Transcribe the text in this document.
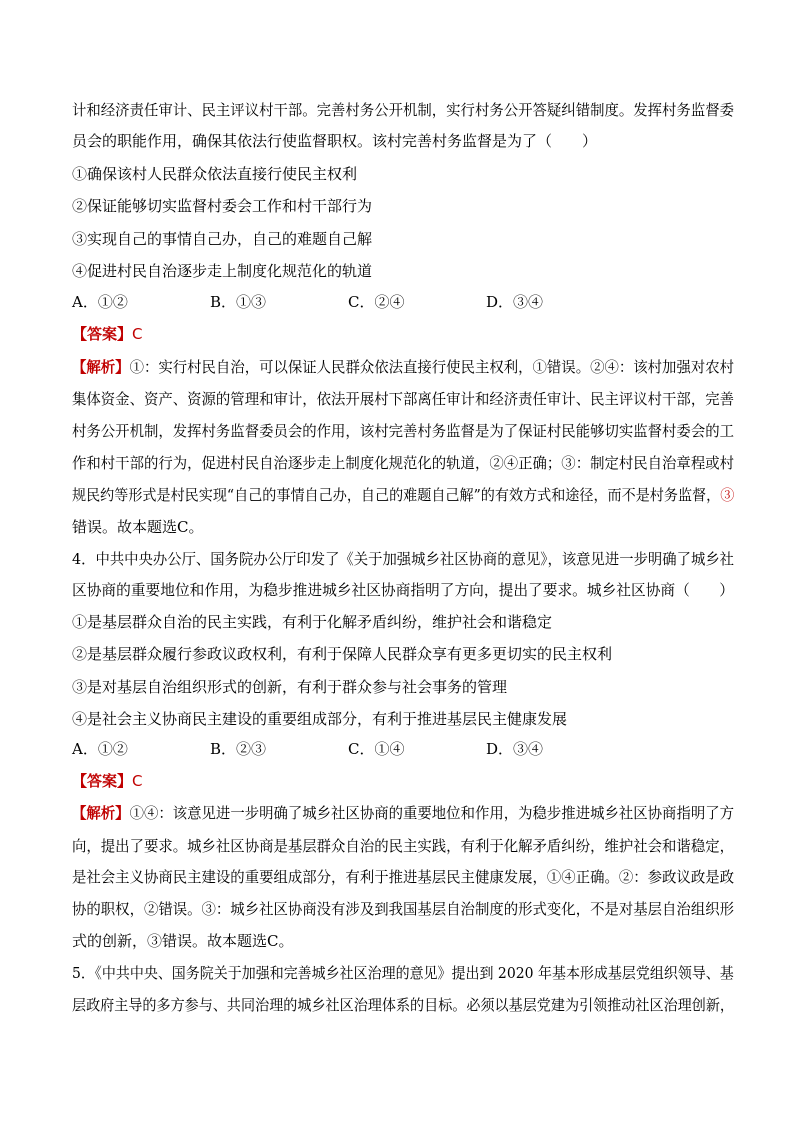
计和经济责任审计、民主评议村干部。完善村务公开机制，实行村务公开答疑纠错制度。发挥村务监督委
员会的职能作用，确保其依法行使监督职权。该村完善村务监督是为了（　　）
①确保该村人民群众依法直接行使民主权利
②保证能够切实监督村委会工作和村干部行为
③实现自己的事情自己办，自己的难题自己解
④促进村民自治逐步走上制度化规范化的轨道
A．①②	B．①③	C．②④	D．③④
【答案】C
【解析】①：实行村民自治，可以保证人民群众依法直接行使民主权利，①错误。②④：该村加强对农村
集体资金、资产、资源的管理和审计，依法开展村下部离任审计和经济责任审计、民主评议村干部，完善
村务公开机制，发挥村务监督委员会的作用，该村完善村务监督是为了保证村民能够切实监督村委会的工
作和村干部的行为，促进村民自治逐步走上制度化规范化的轨道，②④正确；③：制定村民自治章程或村
规民约等形式是村民实现“自己的事情自己办，自己的难题自己解”的有效方式和途径，而不是村务监督，③
错误。故本题选C。
4．中共中央办公厅、国务院办公厅印发了《关于加强城乡社区协商的意见》，该意见进一步明确了城乡社
区协商的重要地位和作用，为稳步推进城乡社区协商指明了方向，提出了要求。城乡社区协商（　　）
①是基层群众自治的民主实践，有利于化解矛盾纠纷，维护社会和谐稳定
②是基层群众履行参政议政权利，有利于保障人民群众享有更多更切实的民主权利
③是对基层自治组织形式的创新，有利于群众参与社会事务的管理
④是社会主义协商民主建设的重要组成部分，有利于推进基层民主健康发展
A．①②	B．②③	C．①④	D．③④
【答案】C
【解析】①④：该意见进一步明确了城乡社区协商的重要地位和作用，为稳步推进城乡社区协商指明了方
向，提出了要求。城乡社区协商是基层群众自治的民主实践，有利于化解矛盾纠纷，维护社会和谐稳定，
是社会主义协商民主建设的重要组成部分，有利于推进基层民主健康发展，①④正确。②：参政议政是政
协的职权，②错误。③：城乡社区协商没有涉及到我国基层自治制度的形式变化，不是对基层自治组织形
式的创新，③错误。故本题选C。
5．《中共中央、国务院关于加强和完善城乡社区治理的意见》提出到 2020 年基本形成基层党组织领导、基
层政府主导的多方参与、共同治理的城乡社区治理体系的目标。必须以基层党建为引领推动社区治理创新，
